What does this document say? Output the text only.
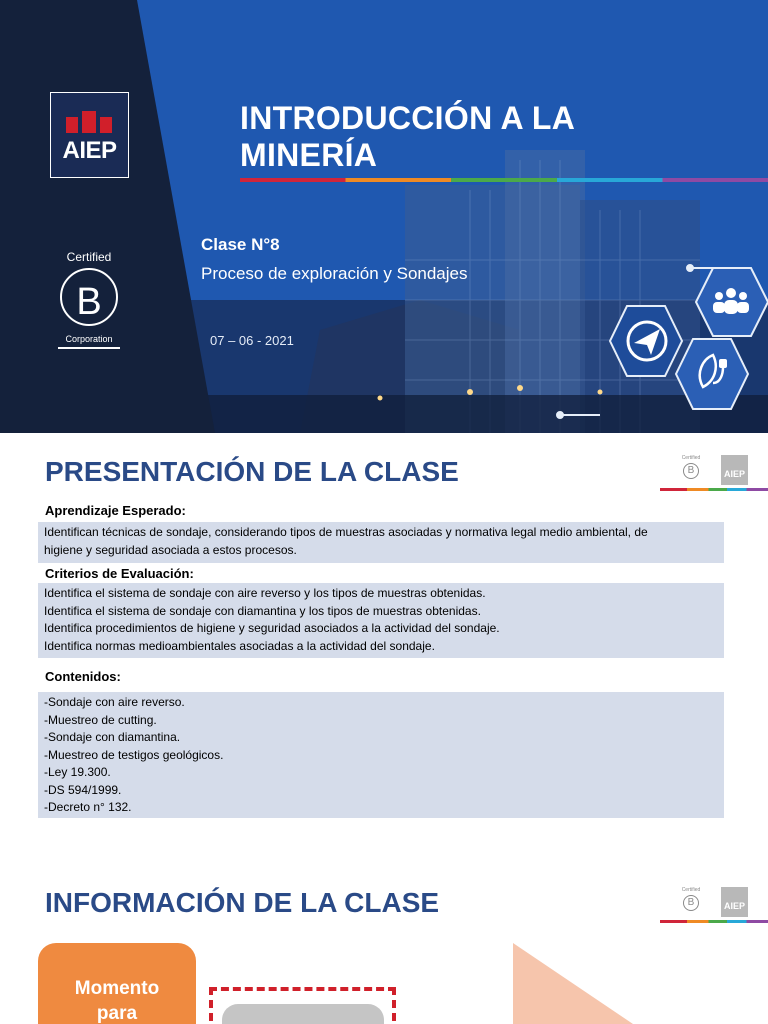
AIEP
Certified
B
Corporation
INTRODUCCIÓN A LA
MINERÍA
Clase N°8
Proceso de exploración y Sondajes
07 – 06 - 2021
PRESENTACIÓN DE LA CLASE	Certified
B	AIEP
Aprendizaje Esperado:
Identifican técnicas de sondaje, considerando tipos de muestras asociadas y normativa legal medio ambiental, de
higiene y seguridad asociada a estos procesos.
Criterios de Evaluación:
Identifica el sistema de sondaje con aire reverso y los tipos de muestras obtenidas.
Identifica el sistema de sondaje con diamantina y los tipos de muestras obtenidas.
Identifica procedimientos de higiene y seguridad asociados a la actividad del sondaje.
Identifica normas medioambientales asociadas a la actividad del sondaje.
Contenidos:
-Sondaje con aire reverso.
-Muestreo de cutting.
-Sondaje con diamantina.
-Muestreo de testigos geológicos.
-Ley 19.300.
-DS 594/1999.
-Decreto n° 132.
INFORMACIÓN DE LA CLASE	Certified
B	AIEP
Momento
para
